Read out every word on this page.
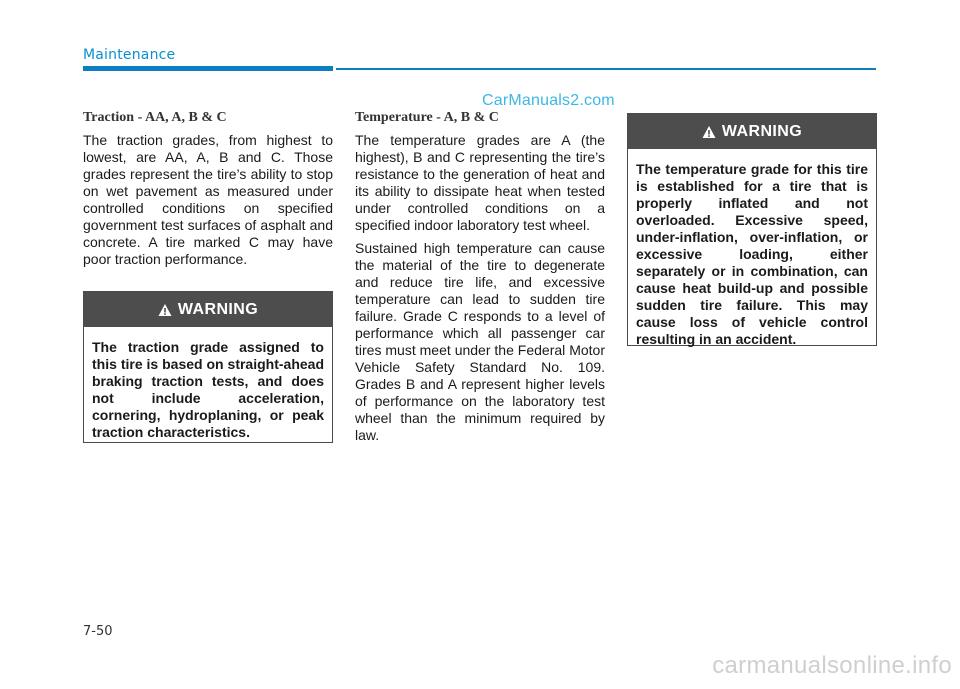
Maintenance
CarManuals2.com
Traction - AA, A, B & C

The traction grades, from highest to lowest, are AA, A, B and C. Those grades represent the tire’s ability to stop on wet pavement as measured under controlled conditions on specified government test surfaces of asphalt and concrete. A tire marked C may have poor traction performance.

WARNING
The traction grade assigned to this tire is based on straight-ahead braking traction tests, and does not include acceleration, cornering, hydroplaning, or peak traction characteristics.
Temperature - A, B & C

The temperature grades are A (the highest), B and C representing the tire’s resistance to the generation of heat and its ability to dissipate heat when tested under controlled conditions on a specified indoor laboratory test wheel.

Sustained high temperature can cause the material of the tire to degenerate and reduce tire life, and excessive temperature can lead to sudden tire failure. Grade C responds to a level of performance which all passenger car tires must meet under the Federal Motor Vehicle Safety Standard No. 109. Grades B and A represent higher levels of performance on the laboratory test wheel than the minimum required by law.

WARNING
The temperature grade for this tire is established for a tire that is properly inflated and not overloaded. Excessive speed, under-inflation, over-inflation, or excessive loading, either separately or in combination, can cause heat build-up and possible sudden tire failure. This may cause loss of vehicle control resulting in an accident.
7-50
carmanualsonline.info
